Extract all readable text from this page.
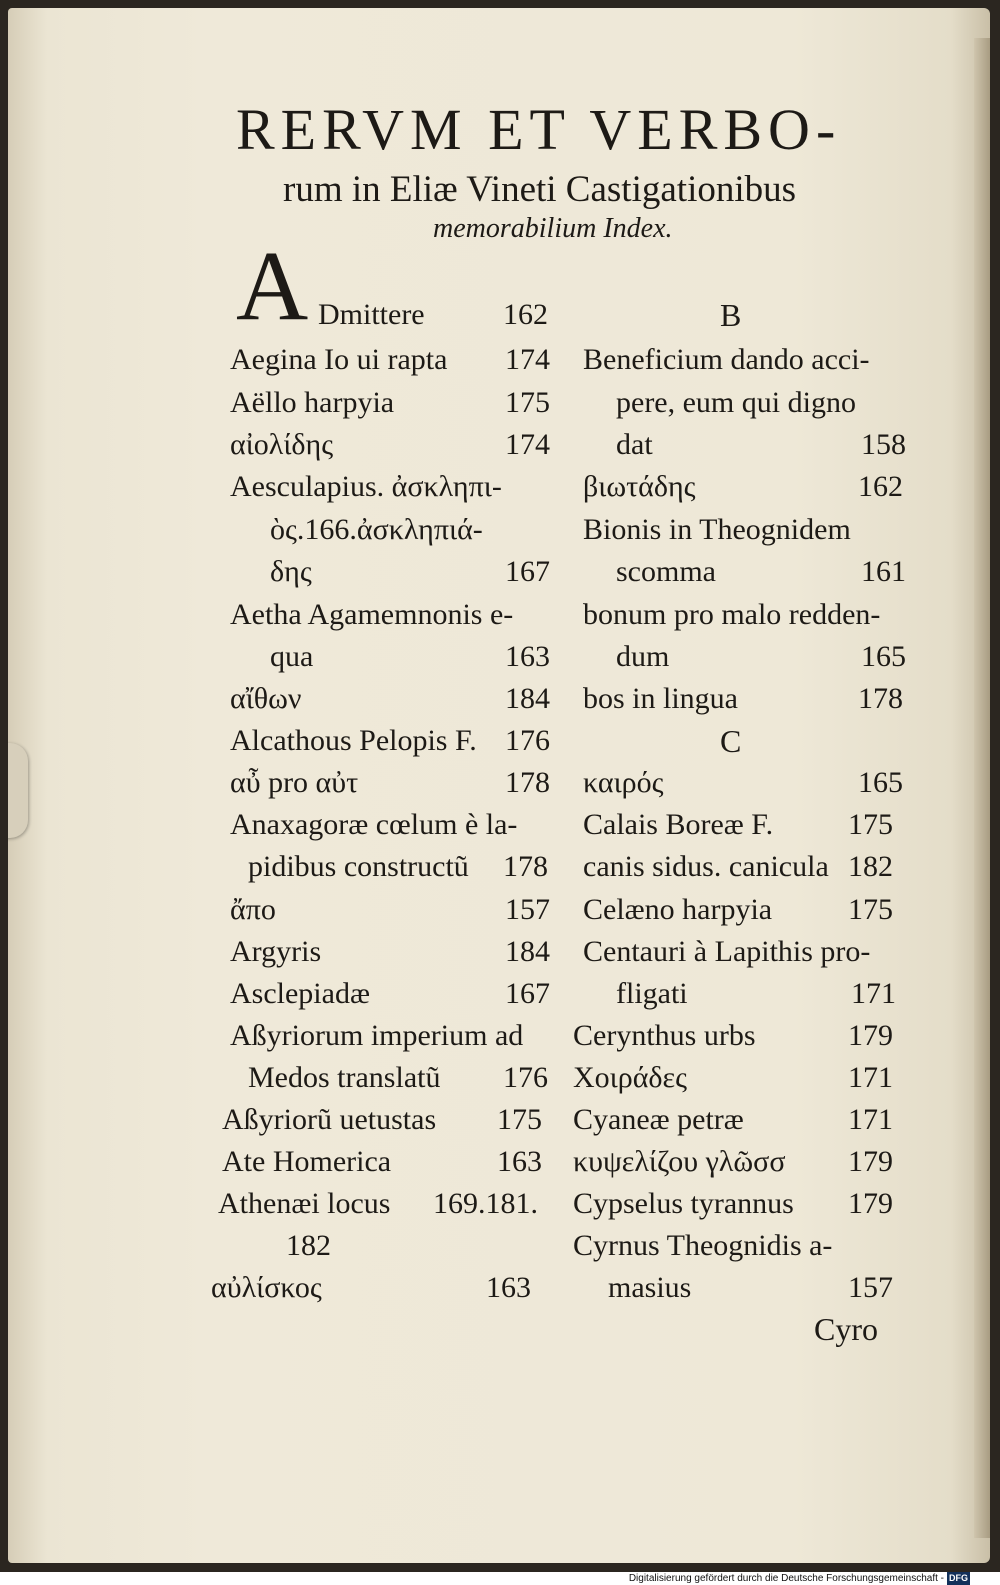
RERVM ET VERBO-
rum in Eliæ Vineti Castigationibus
memorabilium Index.
A Dmittere	162
Aegina Io ui rapta 174
Aëllo harpyia	175
αἰολίδης	174
Aesculapius. ἀσκληπι-
ὸς.166.ἀσκληπιά-
δης	167
Aetha Agamemnonis e-
qua	163
αἴθων	184
Alcathous Pelopis F. 176
αὖ pro αὐτ	178
Anaxagoræ cœlum è la-
pidibus constructũ 178
ἄπο	157
Argyris	184
Asclepiadæ	167
Aßyriorum imperium ad
Medos translatũ 176
Aßyriorũ uetustas 175
Ate Homerica	163
Athenæi locus 169.181.
182
αὐλίσκος	163
B
Beneficium dando acci-
pere, eum qui digno
dat	158
βιωτάδης	162
Bionis in Theognidem
scomma	161
bonum pro malo redden-
dum	165
bos in lingua	178
C
καιρός	165
Calais Boreæ F. 175
canis sidus. canicula 182
Celæno harpyia	175
Centauri à Lapithis pro-
fligati	171
Cerynthus urbs	179
Χοιράδες	171
Cyaneæ petræ	171
κυψελίζου γλῶσσ 179
Cypselus tyrannus 179
Cyrnus Theognidis a-
masius	157
Cyro
Digitalisierung gefördert durch die Deutsche Forschungsgemeinschaft - DFG
